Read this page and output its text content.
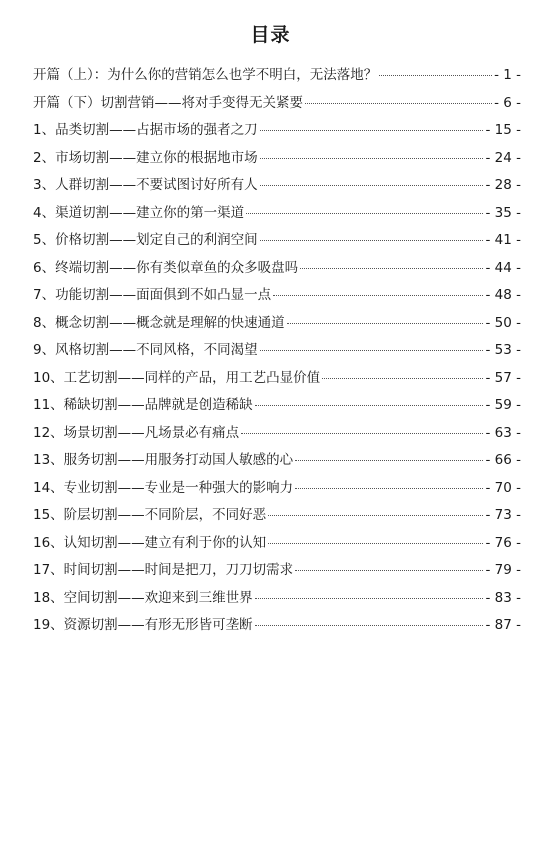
目录
开篇（上）：为什么你的营销怎么也学不明白，无法落地？	- 1 -
开篇（下）切割营销——将对手变得无关紧要	- 6 -
1、品类切割——占据市场的强者之刀	- 15 -
2、市场切割——建立你的根据地市场	- 24 -
3、人群切割——不要试图讨好所有人	- 28 -
4、渠道切割——建立你的第一渠道	- 35 -
5、价格切割——划定自己的利润空间	- 41 -
6、终端切割——你有类似章鱼的众多吸盘吗	- 44 -
7、功能切割——面面俱到不如凸显一点	- 48 -
8、概念切割——概念就是理解的快速通道	- 50 -
9、风格切割——不同风格，不同渴望	- 53 -
10、工艺切割——同样的产品，用工艺凸显价值	- 57 -
11、稀缺切割——品牌就是创造稀缺	- 59 -
12、场景切割——凡场景必有痛点	- 63 -
13、服务切割——用服务打动国人敏感的心	- 66 -
14、专业切割——专业是一种强大的影响力	- 70 -
15、阶层切割——不同阶层，不同好恶	- 73 -
16、认知切割——建立有利于你的认知	- 76 -
17、时间切割——时间是把刀，刀刀切需求	- 79 -
18、空间切割——欢迎来到三维世界	- 83 -
19、资源切割——有形无形皆可垄断	- 87 -
